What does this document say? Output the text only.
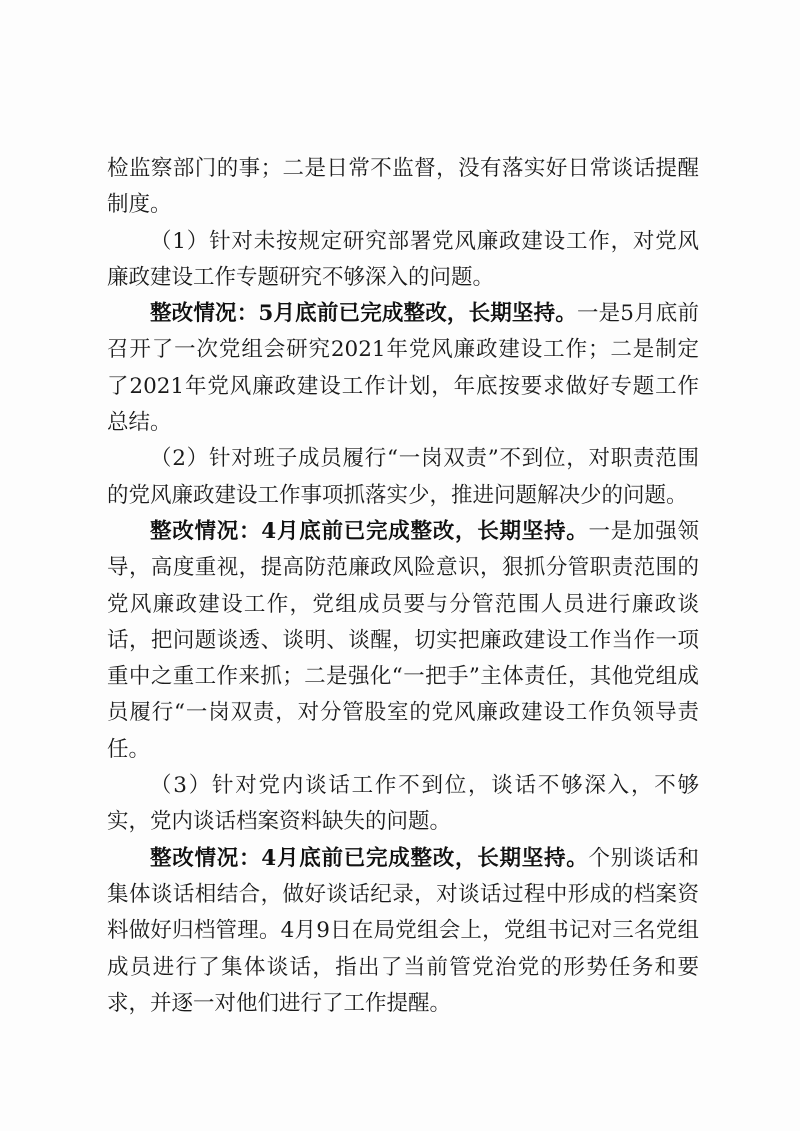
检监察部门的事；二是日常不监督，没有落实好日常谈话提醒制度。

（1）针对未按规定研究部署党风廉政建设工作，对党风廉政建设工作专题研究不够深入的问题。

整改情况：5月底前已完成整改，长期坚持。一是5月底前召开了一次党组会研究2021年党风廉政建设工作；二是制定了2021年党风廉政建设工作计划，年底按要求做好专题工作总结。

（2）针对班子成员履行“一岗双责”不到位，对职责范围的党风廉政建设工作事项抓落实少，推进问题解决少的问题。

整改情况：4月底前已完成整改，长期坚持。一是加强领导，高度重视，提高防范廉政风险意识，狠抓分管职责范围的党风廉政建设工作，党组成员要与分管范围人员进行廉政谈话，把问题谈透、谈明、谈醒，切实把廉政建设工作当作一项重中之重工作来抓；二是强化“一把手”主体责任，其他党组成员履行“一岗双责，对分管股室的党风廉政建设工作负领导责任。

（3）针对党内谈话工作不到位，谈话不够深入，不够实，党内谈话档案资料缺失的问题。

整改情况：4月底前已完成整改，长期坚持。个别谈话和集体谈话相结合，做好谈话纪录，对谈话过程中形成的档案资料做好归档管理。4月9日在局党组会上，党组书记对三名党组成员进行了集体谈话，指出了当前管党治党的形势任务和要求，并逐一对他们进行了工作提醒。
